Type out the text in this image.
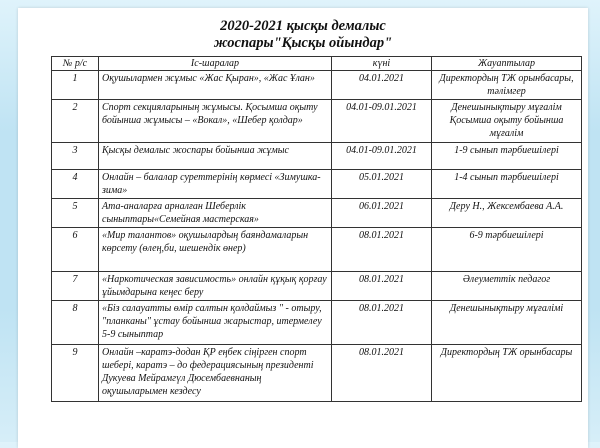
2020-2021 қысқы демалыс
жоспары"Қысқы ойындар"
№ р/с	Іс-шаралар	күні	Жауаптылар
1	Оқушылармен жұмыс «Жас Қыран», «Жас Ұлан»	04.01.2021	Директордың ТЖ орынбасары, тәлімгер
2	Спорт секцияларының жұмысы. Қосымша оқыту бойынша жұмысы – «Вокал», «Шебер қолдар»	04.01-09.01.2021	Денешынықтыру мұғалім Қосымша оқыту бойынша мұғалім
3	Қысқы демалыс жоспары бойынша жұмыс	04.01-09.01.2021	1-9 сынып тәрбиешілері
4	Онлайн – балалар суреттерінің көрмесі «Зимушка-зима»	05.01.2021	1-4 сынып тәрбиешілері
5	Ата-аналарға арналған Шеберлік сыныптары«Семейная мастерская»	06.01.2021	Деpу Н., Жексембаева А.А.
6	«Мир талантов» оқушылардың баяндамаларын көрсету (өлең,би, шешендік өнер)	08.01.2021	6-9 тәрбиешілері
7	«Наркотическая зависимость» онлайн құқық қорғау ұйымдарына кеңес беру	08.01.2021	Әлеуметтік педагог
8	«Біз салауатты өмір салтын қолдаймыз " - отыру, "планканы" ұстау бойынша жарыстар, итермелеу 5-9 сыныптар	08.01.2021	Денешынықтыру мұғалімі
9	Онлайн –каратэ-додан ҚР еңбек сіңірген спорт шебері, каратэ – до федерациясының президенті Дукуева Мейрамгүл Дюсембаевнаның оқушыларымен кездесу	08.01.2021	Директордың ТЖ орынбасары
